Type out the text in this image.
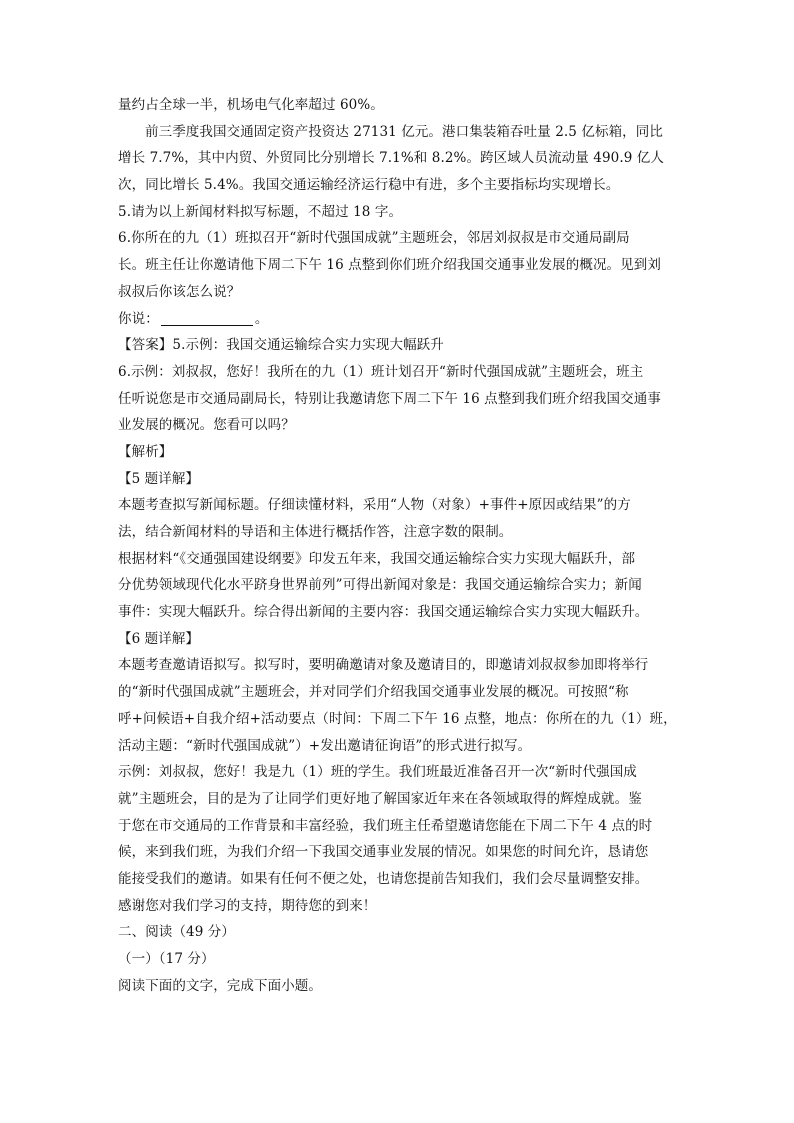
量约占全球一半，机场电气化率超过 60%。
前三季度我国交通固定资产投资达 27131 亿元。港口集装箱吞吐量 2.5 亿标箱，同比
增长 7.7%，其中内贸、外贸同比分别增长 7.1%和 8.2%。跨区域人员流动量 490.9 亿人
次，同比增长 5.4%。我国交通运输经济运行稳中有进，多个主要指标均实现增长。
5.请为以上新闻材料拟写标题，不超过 18 字。
6.你所在的九（1）班拟召开“新时代强国成就”主题班会，邻居刘叔叔是市交通局副局
长。班主任让你邀请他下周二下午 16 点整到你们班介绍我国交通事业发展的概况。见到刘
叔叔后你该怎么说？
你说：	。
【答案】5.示例：我国交通运输综合实力实现大幅跃升
6.示例：刘叔叔，您好！我所在的九（1）班计划召开“新时代强国成就”主题班会，班主
任听说您是市交通局副局长，特别让我邀请您下周二下午 16 点整到我们班介绍我国交通事
业发展的概况。您看可以吗？
【解析】
【5 题详解】
本题考查拟写新闻标题。仔细读懂材料，采用“人物（对象）+事件+原因或结果”的方
法，结合新闻材料的导语和主体进行概括作答，注意字数的限制。
根据材料“《交通强国建设纲要》印发五年来，我国交通运输综合实力实现大幅跃升，部
分优势领域现代化水平跻身世界前列”可得出新闻对象是：我国交通运输综合实力；新闻
事件：实现大幅跃升。综合得出新闻的主要内容：我国交通运输综合实力实现大幅跃升。
【6 题详解】
本题考查邀请语拟写。拟写时，要明确邀请对象及邀请目的，即邀请刘叔叔参加即将举行
的“新时代强国成就”主题班会，并对同学们介绍我国交通事业发展的概况。可按照“称
呼+问候语+自我介绍+活动要点（时间：下周二下午 16 点整，地点：你所在的九（1）班，
活动主题：“新时代强国成就”）+发出邀请征询语”的形式进行拟写。
示例：刘叔叔，您好！我是九（1）班的学生。我们班最近准备召开一次“新时代强国成
就”主题班会，目的是为了让同学们更好地了解国家近年来在各领域取得的辉煌成就。鉴
于您在市交通局的工作背景和丰富经验，我们班主任希望邀请您能在下周二下午 4 点的时
候，来到我们班，为我们介绍一下我国交通事业发展的情况。如果您的时间允许，恳请您
能接受我们的邀请。如果有任何不便之处，也请您提前告知我们，我们会尽量调整安排。
感谢您对我们学习的支持，期待您的到来！
二、阅读（49 分）
（一）（17 分）
阅读下面的文字，完成下面小题。
